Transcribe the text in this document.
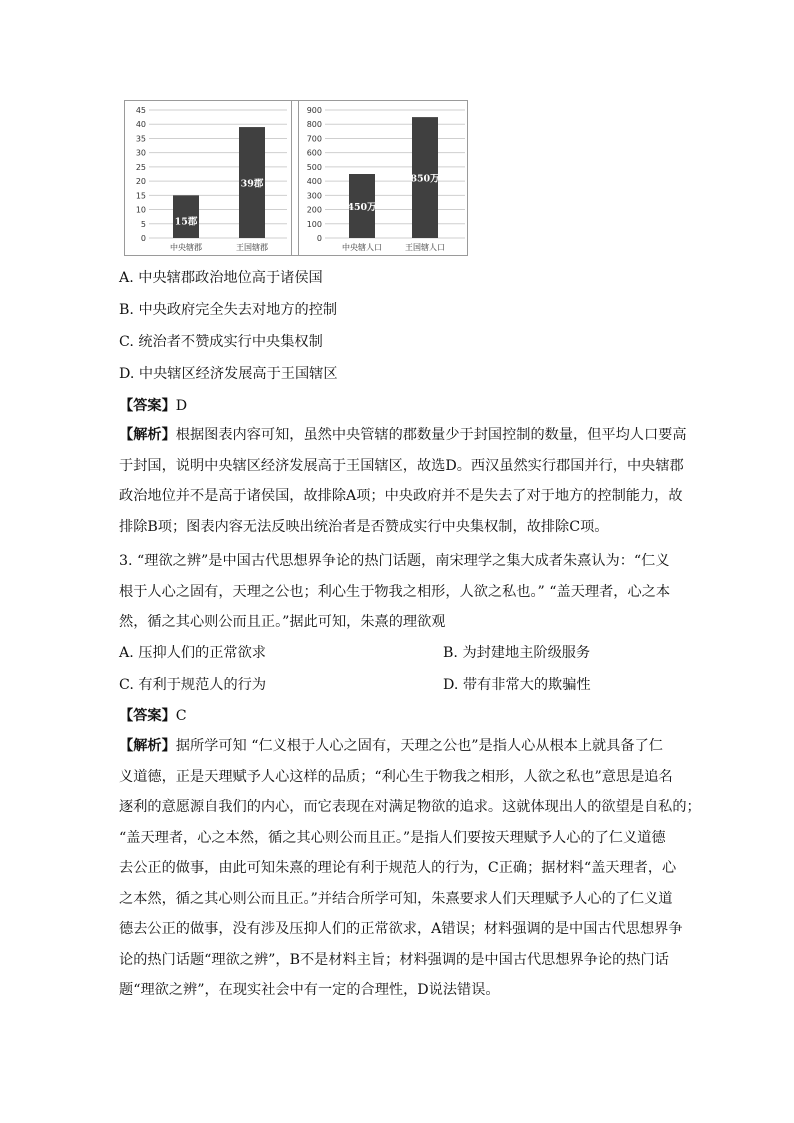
0
5
10
15
20
25
30
35
40
45
15郡
中央辖郡
39郡
王国辖郡
0
100
200
300
400
500
600
700
800
900
450万
中央辖人口
850万
王国辖人口
A. 中央辖郡政治地位高于诸侯国
B. 中央政府完全失去对地方的控制
C. 统治者不赞成实行中央集权制
D. 中央辖区经济发展高于王国辖区
【答案】D

【解析】根据图表内容可知，虽然中央管辖的郡数量少于封国控制的数量，但平均人口要高

于封国，说明中央辖区经济发展高于王国辖区，故选D。西汉虽然实行郡国并行，中央辖郡

政治地位并不是高于诸侯国，故排除A项；中央政府并不是失去了对于地方的控制能力，故

排除B项；图表内容无法反映出统治者是否赞成实行中央集权制，故排除C项。

3. “理欲之辨”是中国古代思想界争论的热门话题，南宋理学之集大成者朱熹认为：“仁义

根于人心之固有，天理之公也；利心生于物我之相形，人欲之私也。” “盖天理者，心之本

然，循之其心则公而且正。”据此可知，朱熹的理欲观

A. 压抑人们的正常欲求	B. 为封建地主阶级服务
C. 有利于规范人的行为	D. 带有非常大的欺骗性
【答案】C

【解析】据所学可知 “仁义根于人心之固有，天理之公也”是指人心从根本上就具备了仁

义道德，正是天理赋予人心这样的品质；“利心生于物我之相形，人欲之私也”意思是追名

逐利的意愿源自我们的内心，而它表现在对满足物欲的追求。这就体现出人的欲望是自私的；

“盖天理者，心之本然，循之其心则公而且正。”是指人们要按天理赋予人心的了仁义道德

去公正的做事，由此可知朱熹的理论有利于规范人的行为，C正确；据材料“盖天理者，心

之本然，循之其心则公而且正。”并结合所学可知，朱熹要求人们天理赋予人心的了仁义道

德去公正的做事，没有涉及压抑人们的正常欲求，A错误；材料强调的是中国古代思想界争

论的热门话题“理欲之辨”，B不是材料主旨；材料强调的是中国古代思想界争论的热门话

题“理欲之辨”，在现实社会中有一定的合理性，D说法错误。
